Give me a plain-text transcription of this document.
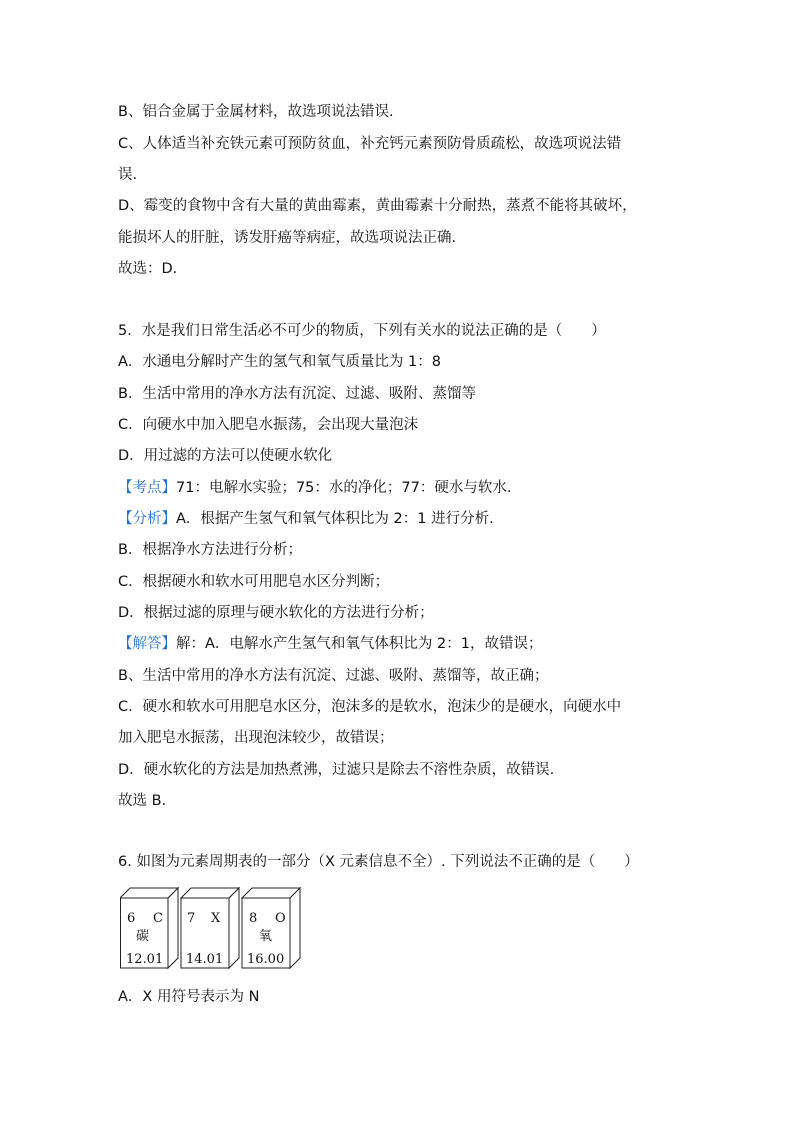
B、铝合金属于金属材料，故选项说法错误.
C、人体适当补充铁元素可预防贫血，补充钙元素预防骨质疏松，故选项说法错
误.
D、霉变的食物中含有大量的黄曲霉素，黄曲霉素十分耐热，蒸煮不能将其破坏，
能损坏人的肝脏，诱发肝癌等病症，故选项说法正确.
故选：D.
5．水是我们日常生活必不可少的物质，下列有关水的说法正确的是（　　）
A．水通电分解时产生的氢气和氧气质量比为 1：8
B．生活中常用的净水方法有沉淀、过滤、吸附、蒸馏等
C．向硬水中加入肥皂水振荡，会出现大量泡沫
D．用过滤的方法可以使硬水软化
【考点】71：电解水实验；75：水的净化；77：硬水与软水.
【分析】A．根据产生氢气和氧气体积比为 2：1 进行分析.
B．根据净水方法进行分析；
C．根据硬水和软水可用肥皂水区分判断；
D．根据过滤的原理与硬水软化的方法进行分析；
【解答】解：A．电解水产生氢气和氧气体积比为 2：1，故错误；
B、生活中常用的净水方法有沉淀、过滤、吸附、蒸馏等，故正确；
C．硬水和软水可用肥皂水区分，泡沫多的是软水，泡沫少的是硬水，向硬水中
加入肥皂水振荡，出现泡沫较少，故错误；
D．硬水软化的方法是加热煮沸，过滤只是除去不溶性杂质，故错误.
故选 B.
6. 如图为元素周期表的一部分（X 元素信息不全）. 下列说法不正确的是（　　）
6 C
碳
12.01
7 X
14.01
8 O
氧
16.00
A．X 用符号表示为 N
